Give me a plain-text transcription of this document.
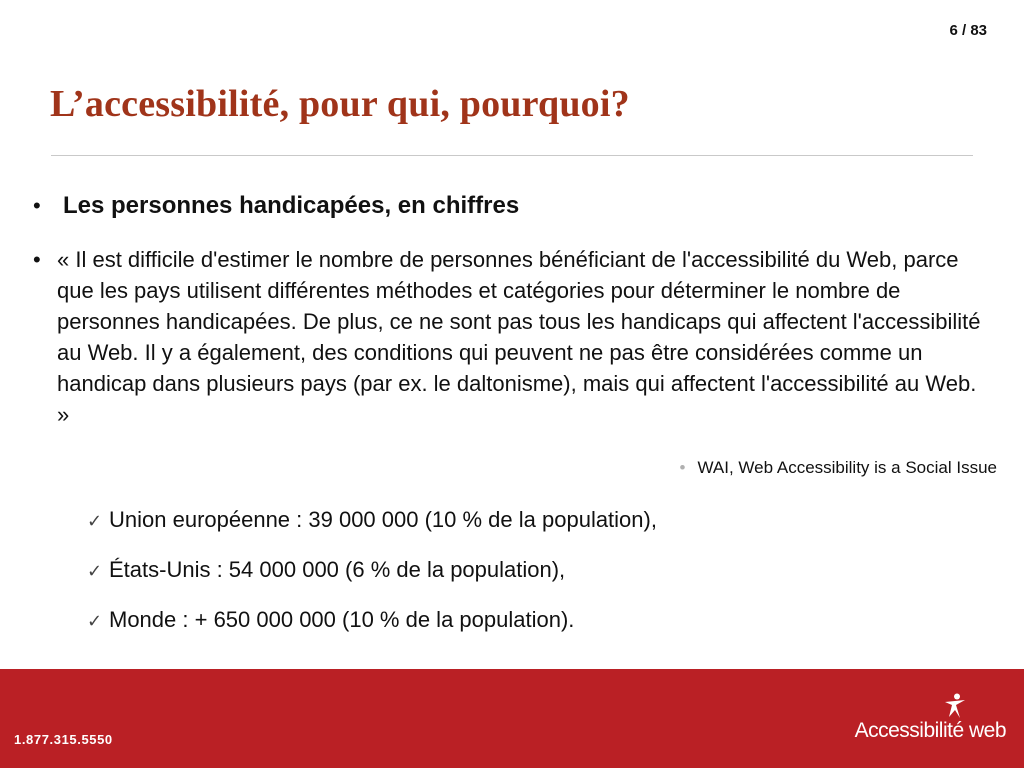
6 / 83
L’accessibilité, pour qui, pourquoi?
• Les personnes handicapées, en chiffres
• « Il est difficile d'estimer le nombre de personnes bénéficiant de l'accessibilité du Web, parce que les pays utilisent différentes méthodes et catégories pour déterminer le nombre de personnes handicapées. De plus, ce ne sont pas tous les handicaps qui affectent l'accessibilité au Web. Il y a également, des conditions qui peuvent ne pas être considérées comme un handicap dans plusieurs pays (par ex. le daltonisme), mais qui affectent l'accessibilité au Web. »
• WAI, Web Accessibility is a Social Issue
✓ Union européenne : 39 000 000 (10 % de la population),
✓ États-Unis : 54 000 000 (6 % de la population),
✓ Monde : + 650 000 000 (10 % de la population).
1.877.315.5550	Accessibilité web
